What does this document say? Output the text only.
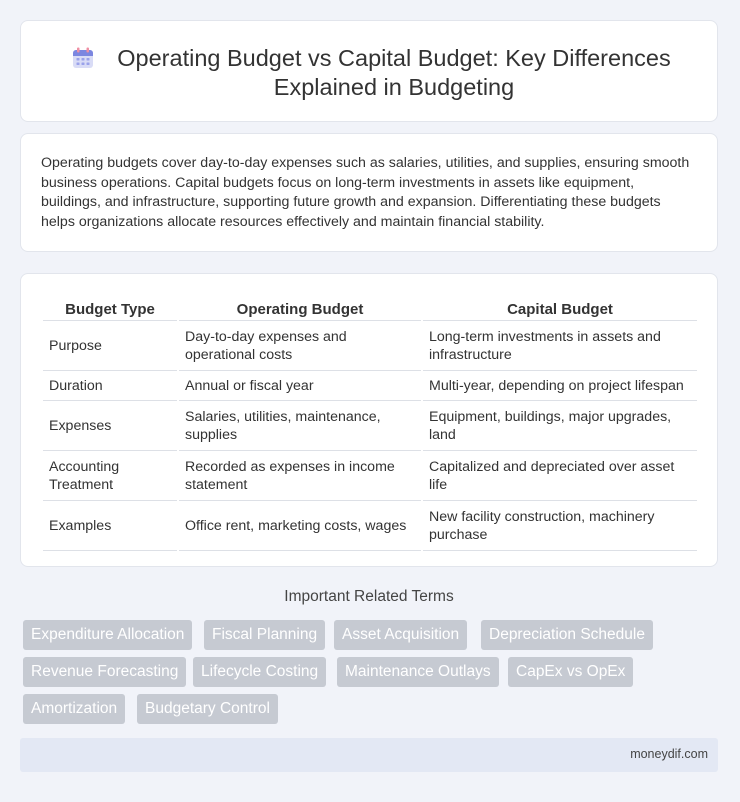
Operating Budget vs Capital Budget: Key Differences Explained in Budgeting
Operating budgets cover day-to-day expenses such as salaries, utilities, and supplies, ensuring smooth business operations. Capital budgets focus on long-term investments in assets like equipment, buildings, and infrastructure, supporting future growth and expansion. Differentiating these budgets helps organizations allocate resources effectively and maintain financial stability.
Budget Type	Operating Budget	Capital Budget
Purpose	Day-to-day expenses and operational costs	Long-term investments in assets and infrastructure
Duration	Annual or fiscal year	Multi-year, depending on project lifespan
Expenses	Salaries, utilities, maintenance, supplies	Equipment, buildings, major upgrades, land
Accounting Treatment	Recorded as expenses in income statement	Capitalized and depreciated over asset life
Examples	Office rent, marketing costs, wages	New facility construction, machinery purchase
Important Related Terms
Expenditure Allocation	Fiscal Planning	Asset Acquisition	Depreciation Schedule
Revenue Forecasting	Lifecycle Costing	Maintenance Outlays	CapEx vs OpEx
Amortization	Budgetary Control
moneydif.com
